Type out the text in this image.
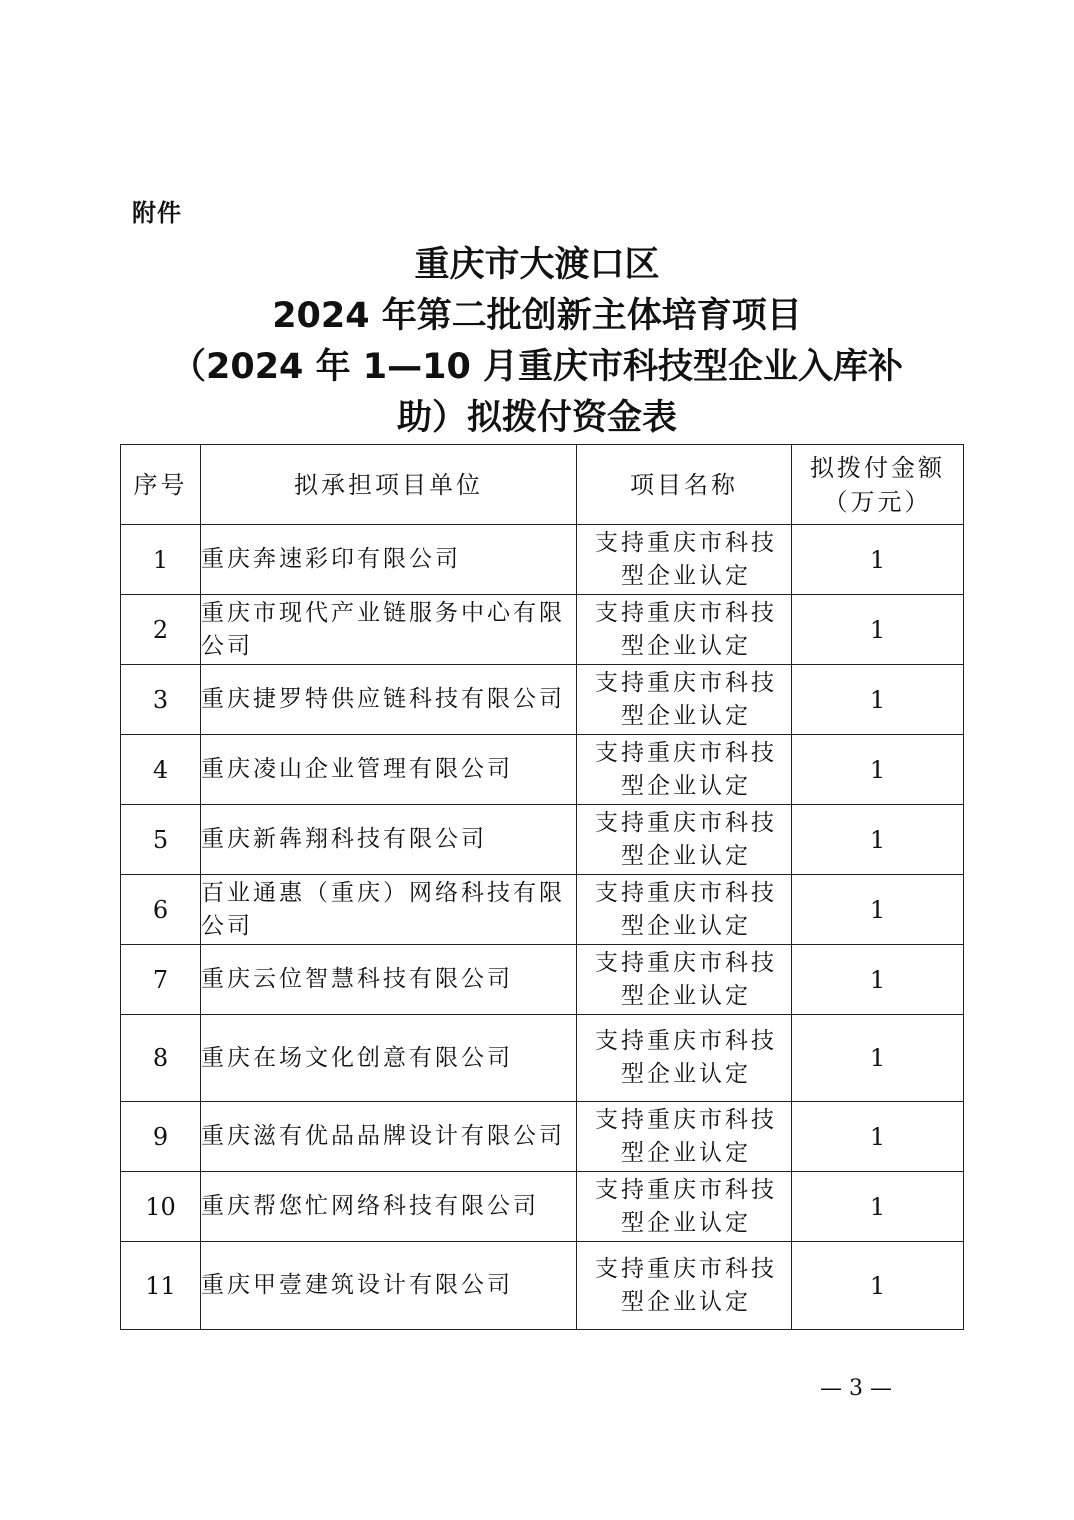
附件
重庆市大渡口区
2024 年第二批创新主体培育项目
（2024 年 1—10 月重庆市科技型企业入库补
助）拟拨付资金表
序号	拟承担项目单位	项目名称	拟拨付金额
（万元）

1	重庆奔速彩印有限公司	支持重庆市科技型企业认定	1
2	重庆市现代产业链服务中心有限公司	支持重庆市科技型企业认定	1
3	重庆捷罗特供应链科技有限公司	支持重庆市科技型企业认定	1
4	重庆凌山企业管理有限公司	支持重庆市科技型企业认定	1
5	重庆新犇翔科技有限公司	支持重庆市科技型企业认定	1
6	百业通惠（重庆）网络科技有限公司	支持重庆市科技型企业认定	1
7	重庆云位智慧科技有限公司	支持重庆市科技型企业认定	1
8	重庆在场文化创意有限公司	支持重庆市科技型企业认定	1
9	重庆滋有优品品牌设计有限公司	支持重庆市科技型企业认定	1
10	重庆帮您忙网络科技有限公司	支持重庆市科技型企业认定	1
11	重庆甲壹建筑设计有限公司	支持重庆市科技型企业认定	1
— 3 —
